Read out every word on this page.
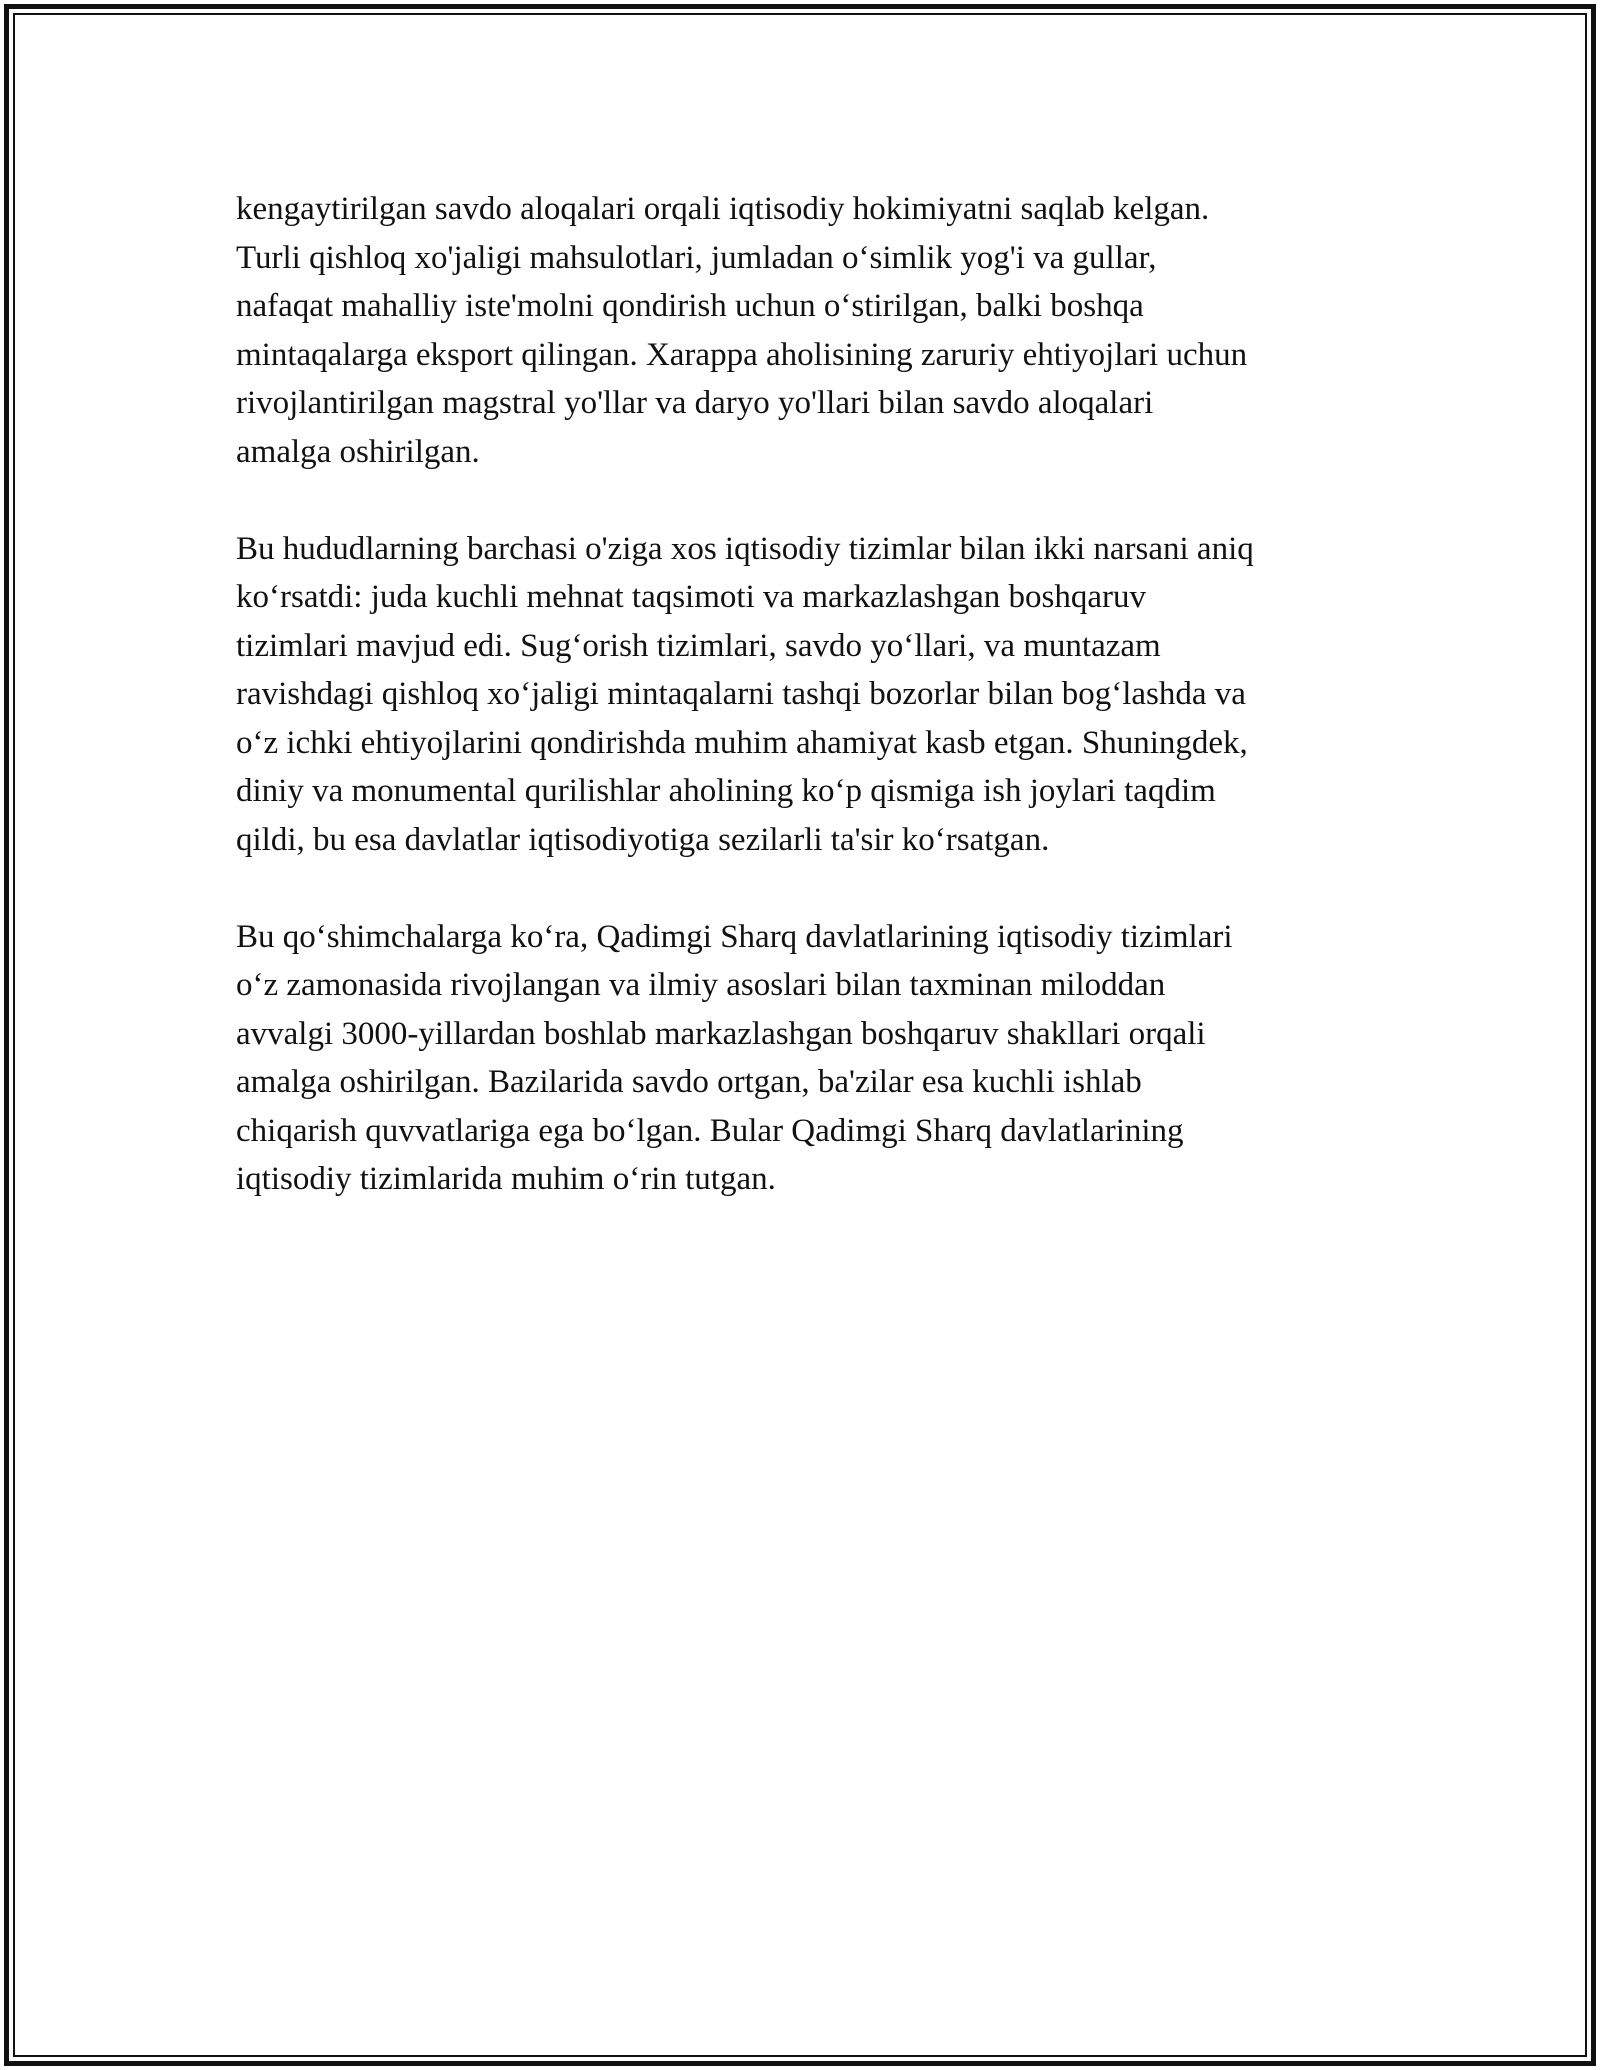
kengaytirilgan savdo aloqalari orqali iqtisodiy hokimiyatni saqlab kelgan.
Turli qishloq xo'jaligi mahsulotlari, jumladan o‘simlik yog'i va gullar,
nafaqat mahalliy iste'molni qondirish uchun o‘stirilgan, balki boshqa
mintaqalarga eksport qilingan. Xarappa aholisining zaruriy ehtiyojlari uchun
rivojlantirilgan magstral yo'llar va daryo yo'llari bilan savdo aloqalari
amalga oshirilgan.

Bu hududlarning barchasi o'ziga xos iqtisodiy tizimlar bilan ikki narsani aniq
ko‘rsatdi: juda kuchli mehnat taqsimoti va markazlashgan boshqaruv
tizimlari mavjud edi. Sug‘orish tizimlari, savdo yo‘llari, va muntazam
ravishdagi qishloq xo‘jaligi mintaqalarni tashqi bozorlar bilan bog‘lashda va
o‘z ichki ehtiyojlarini qondirishda muhim ahamiyat kasb etgan. Shuningdek,
diniy va monumental qurilishlar aholining ko‘p qismiga ish joylari taqdim
qildi, bu esa davlatlar iqtisodiyotiga sezilarli ta'sir ko‘rsatgan.

Bu qo‘shimchalarga ko‘ra, Qadimgi Sharq davlatlarining iqtisodiy tizimlari
o‘z zamonasida rivojlangan va ilmiy asoslari bilan taxminan miloddan
avvalgi 3000-yillardan boshlab markazlashgan boshqaruv shakllari orqali
amalga oshirilgan. Bazilarida savdo ortgan, ba'zilar esa kuchli ishlab
chiqarish quvvatlariga ega bo‘lgan. Bular Qadimgi Sharq davlatlarining
iqtisodiy tizimlarida muhim o‘rin tutgan.
